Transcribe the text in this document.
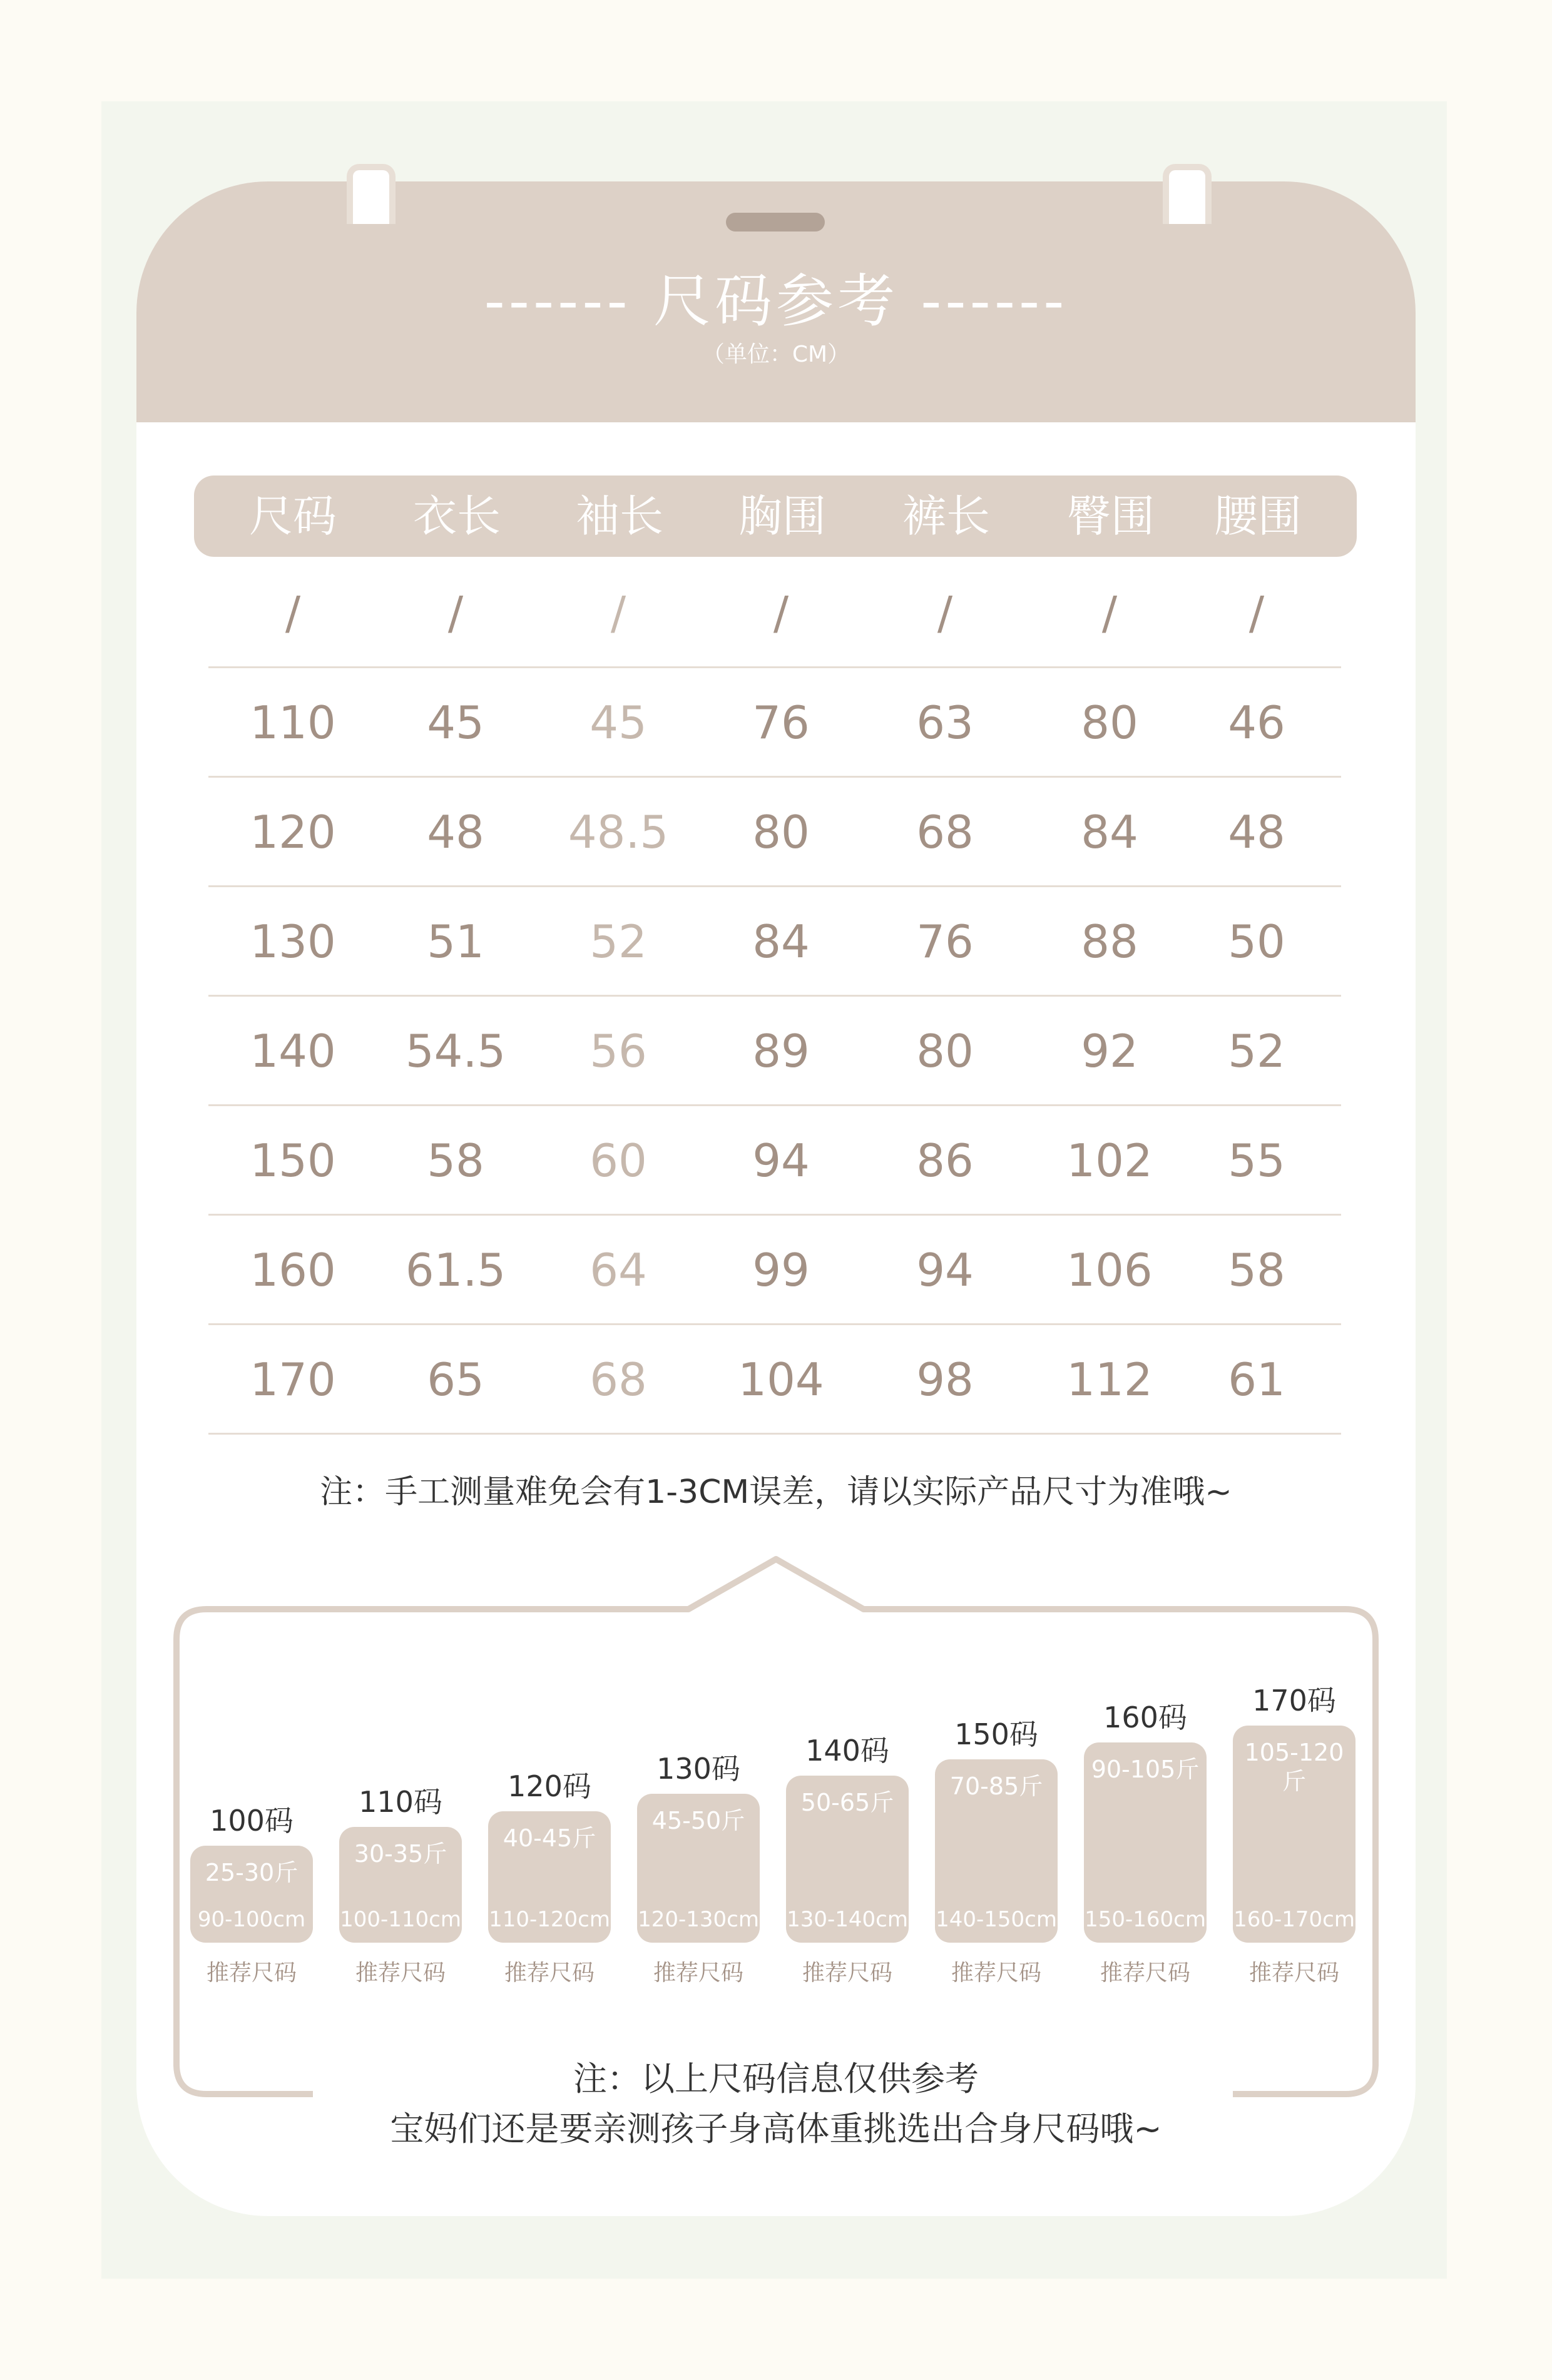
------ 尺码参考 ------
（单位：CM）
尺码	衣长	袖长	胸围	裤长	臀围	腰围
/	/	/	/	/	/	/
110	45	45	76	63	80	46
120	48	48.5	80	68	84	48
130	51	52	84	76	88	50
140	54.5	56	89	80	92	52
150	58	60	94	86	102	55
160	61.5	64	99	94	106	58
170	65	68	104	98	112	61
注：手工测量难免会有1-3CM误差，请以实际产品尺寸为准哦~
100码
25-30斤
90-100cm
推荐尺码
110码
30-35斤
100-110cm
推荐尺码
120码
40-45斤
110-120cm
推荐尺码
130码
45-50斤
120-130cm
推荐尺码
140码
50-65斤
130-140cm
推荐尺码
150码
70-85斤
140-150cm
推荐尺码
160码
90-105斤
150-160cm
推荐尺码
170码
105-120斤
160-170cm
推荐尺码
注：以上尺码信息仅供参考
宝妈们还是要亲测孩子身高体重挑选出合身尺码哦~
